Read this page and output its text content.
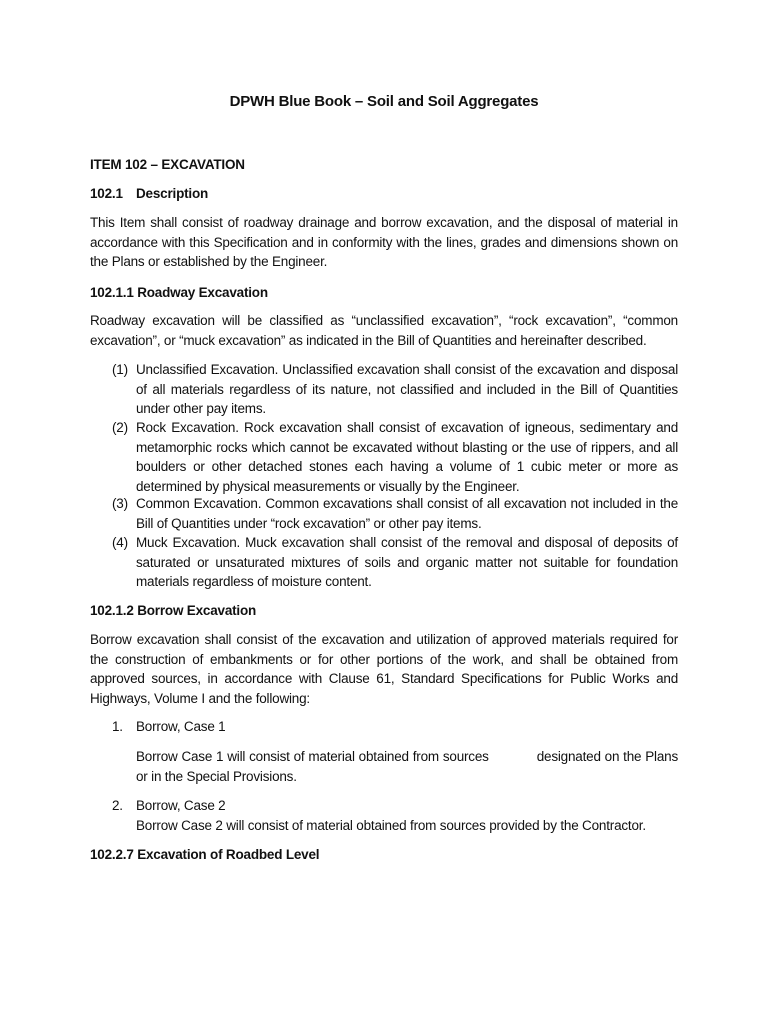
DPWH Blue Book – Soil and Soil Aggregates
ITEM 102 – EXCAVATION
102.1 Description
This Item shall consist of roadway drainage and borrow excavation, and the disposal of material in accordance with this Specification and in conformity with the lines, grades and dimensions shown on the Plans or established by the Engineer.
102.1.1 Roadway Excavation
Roadway excavation will be classified as “unclassified excavation”, “rock excavation”, “common excavation”, or “muck excavation” as indicated in the Bill of Quantities and hereinafter described.
(1) Unclassified Excavation. Unclassified excavation shall consist of the excavation and disposal of all materials regardless of its nature, not classified and included in the Bill of Quantities under other pay items.
(2) Rock Excavation. Rock excavation shall consist of excavation of igneous, sedimentary and metamorphic rocks which cannot be excavated without blasting or the use of rippers, and all boulders or other detached stones each having a volume of 1 cubic meter or more as determined by physical measurements or visually by the Engineer.
(3) Common Excavation. Common excavations shall consist of all excavation not included in the Bill of Quantities under “rock excavation” or other pay items.
(4) Muck Excavation. Muck excavation shall consist of the removal and disposal of deposits of saturated or unsaturated mixtures of soils and organic matter not suitable for foundation materials regardless of moisture content.
102.1.2 Borrow Excavation
Borrow excavation shall consist of the excavation and utilization of approved materials required for the construction of embankments or for other portions of the work, and shall be obtained from approved sources, in accordance with Clause 61, Standard Specifications for Public Works and Highways, Volume I and the following:
1. Borrow, Case 1
Borrow Case 1 will consist of material obtained from sources	designated on the Plans or in the Special Provisions.
2. Borrow, Case 2
Borrow Case 2 will consist of material obtained from sources provided by the Contractor.
102.2.7 Excavation of Roadbed Level
